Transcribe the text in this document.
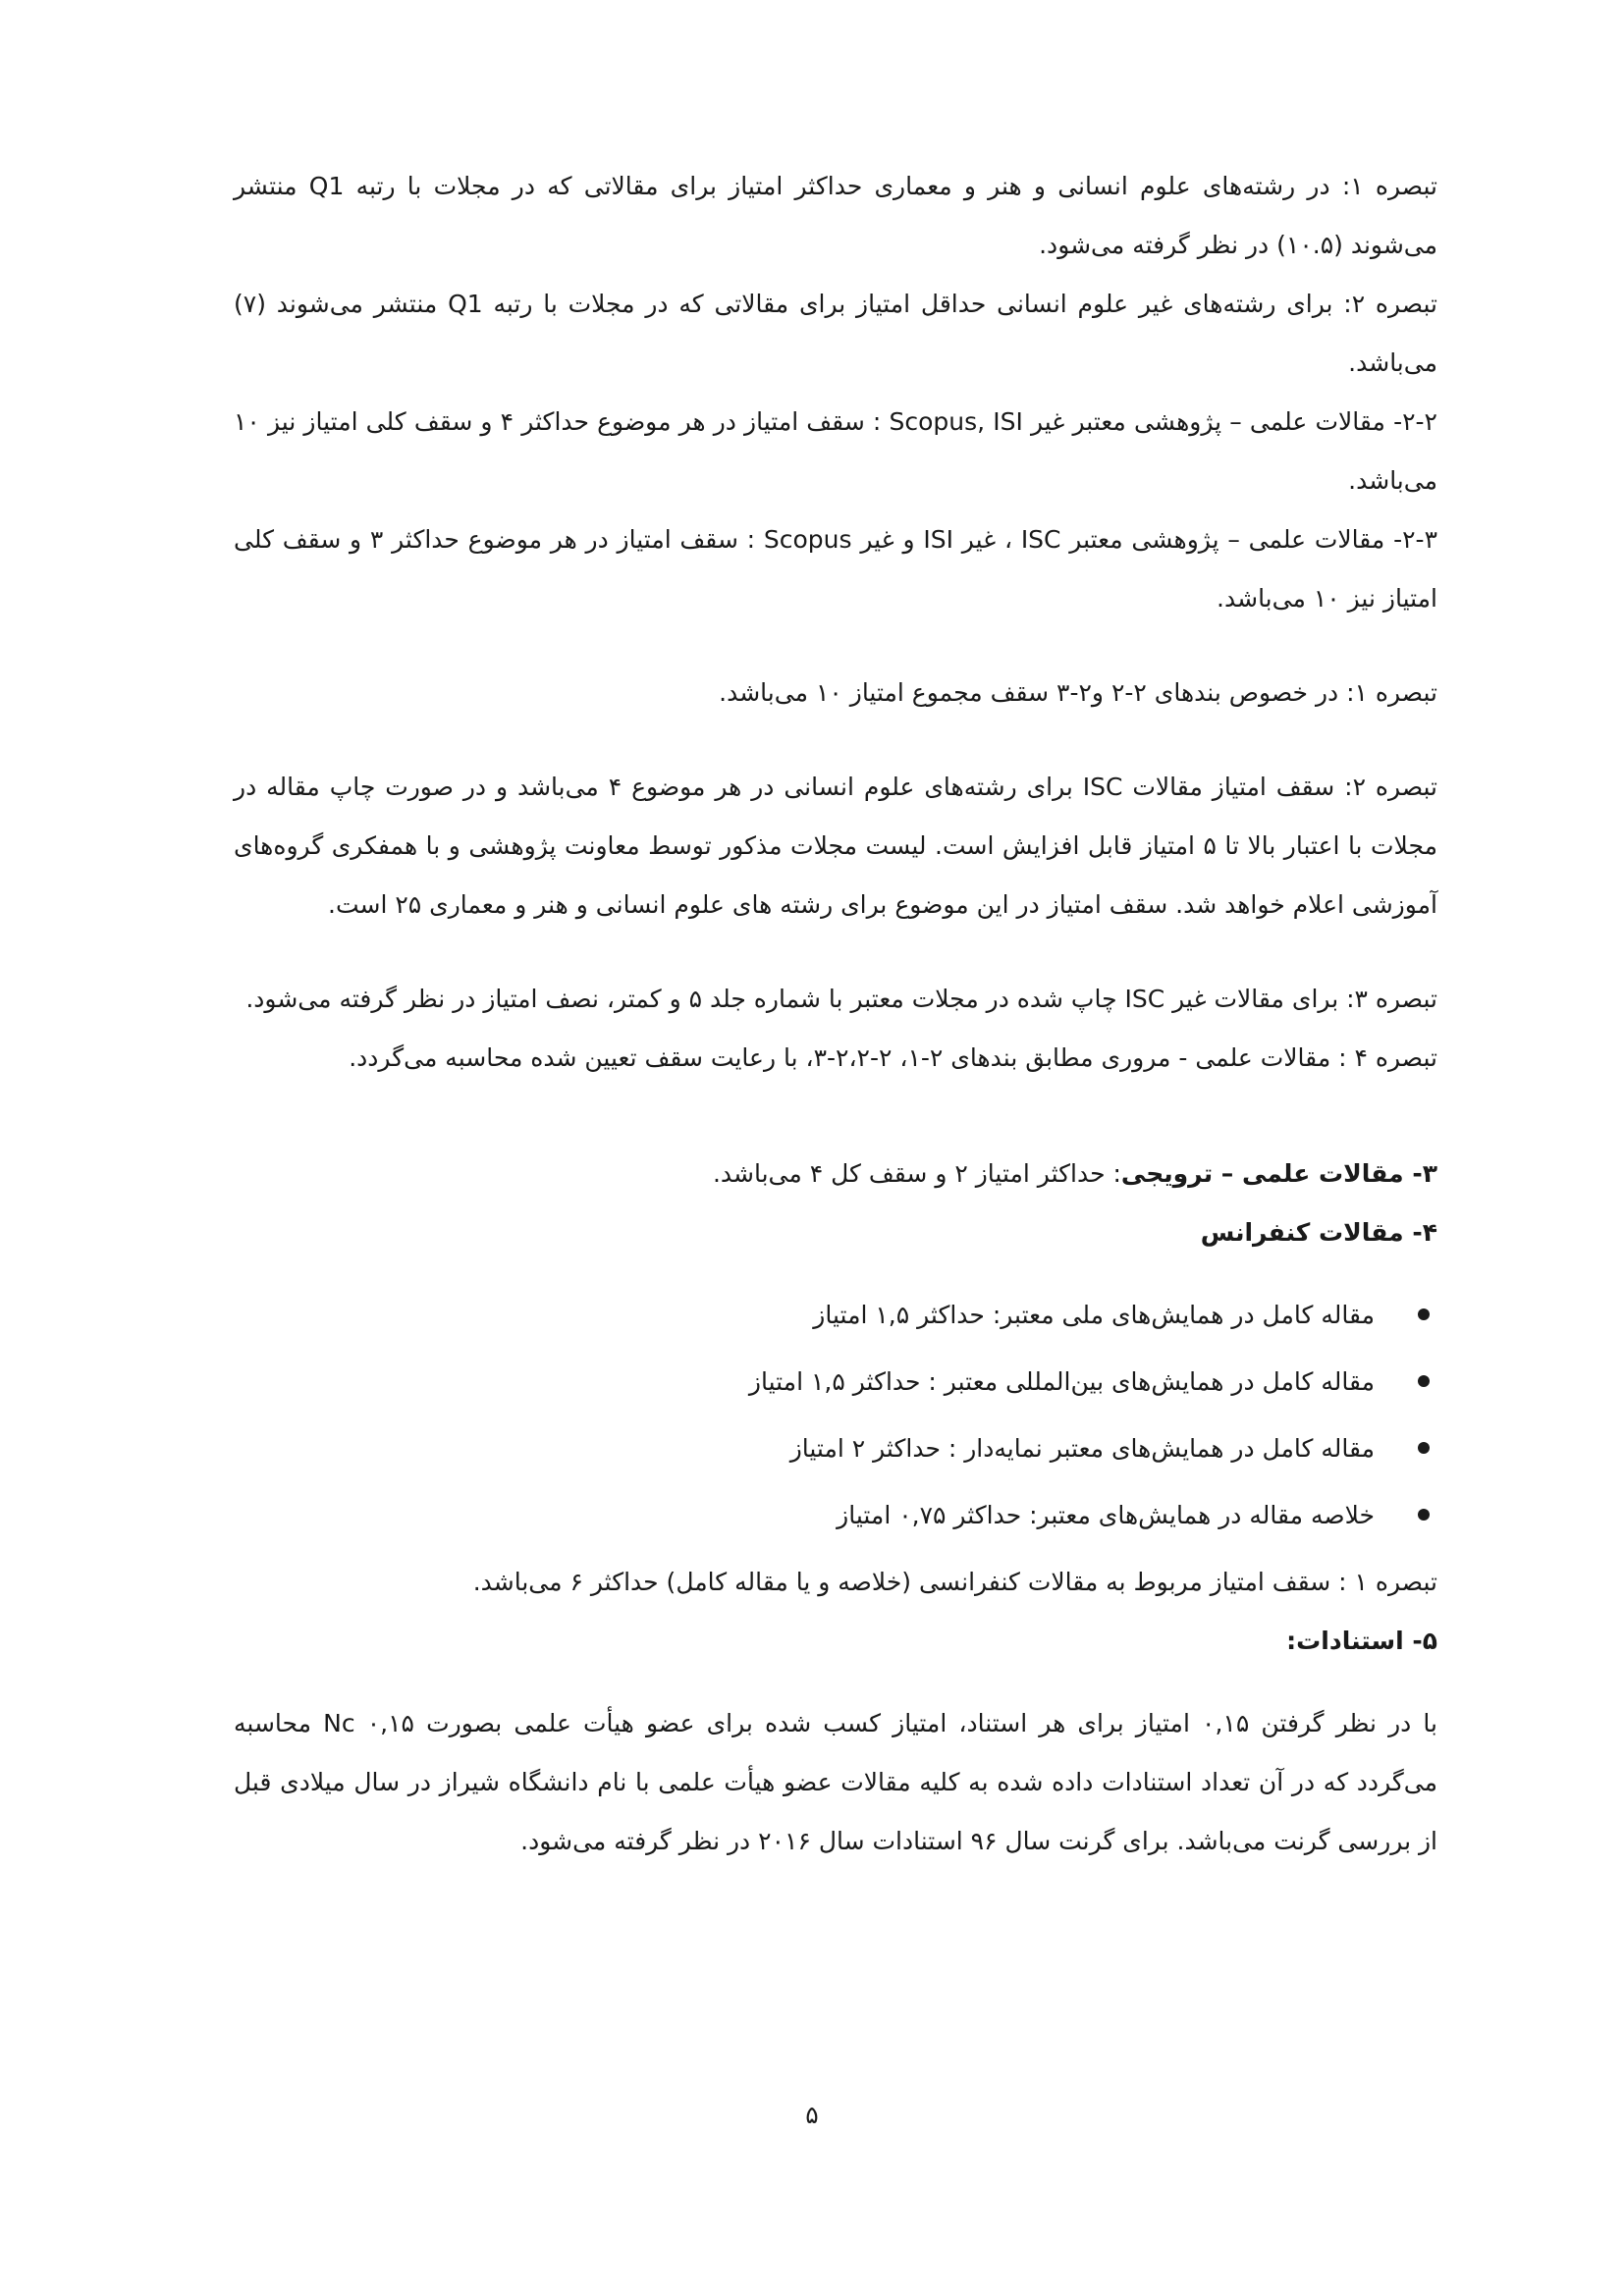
تبصره ۱: در رشته‌های علوم انسانی و هنر و معماری حداکثر امتیاز برای مقالاتی که در مجلات با رتبه Q1 منتشر می‌شوند (۱۰.۵) در نظر گرفته می‌شود.

تبصره ۲: برای رشته‌های غیر علوم انسانی حداقل امتیاز برای مقالاتی که در مجلات با رتبه Q1 منتشر می‌شوند (۷) می‌باشد.

۲-۲- مقالات علمی – پژوهشی معتبر غیر Scopus, ISI : سقف امتیاز در هر موضوع حداکثر ۴ و سقف کلی امتیاز نیز ۱۰ می‌باشد.

۲-۳- مقالات علمی – پژوهشی معتبر ISC ، غیر ISI و غیر Scopus : سقف امتیاز در هر موضوع حداکثر ۳ و سقف کلی امتیاز نیز ۱۰ می‌باشد.

تبصره ۱: در خصوص بندهای ۲-۲ و۲-۳ سقف مجموع امتیاز ۱۰ می‌باشد.

تبصره ۲: سقف امتیاز مقالات ISC برای رشته‌های علوم انسانی در هر موضوع ۴ می‌باشد و در صورت چاپ مقاله در مجلات با اعتبار بالا تا ۵ امتیاز قابل افزایش است. لیست مجلات مذکور توسط معاونت پژوهشی و با همفکری گروه‌های آموزشی اعلام خواهد شد. سقف امتیاز در این موضوع برای رشته های علوم انسانی و هنر و معماری ۲۵ است.

تبصره ۳: برای مقالات غیر ISC چاپ شده در مجلات معتبر با شماره جلد ۵ و کمتر، نصف امتیاز در نظر گرفته می‌شود.

تبصره ۴ : مقالات علمی - مروری مطابق بندهای ۲-۱، ۲-۲،۲-۳، با رعایت سقف تعیین شده محاسبه می‌گردد.

۳- مقالات علمی – ترویجی: حداکثر امتیاز ۲ و سقف کل ۴ می‌باشد.

۴- مقالات کنفرانس

مقاله کامل در همایش‌های ملی معتبر: حداکثر ۱,۵ امتیاز
مقاله کامل در همایش‌های بین‌المللی معتبر : حداکثر ۱,۵ امتیاز
مقاله کامل در همایش‌های معتبر نمایه‌دار : حداکثر ۲ امتیاز
خلاصه مقاله در همایش‌های معتبر: حداکثر ۰,۷۵ امتیاز

تبصره ۱ : سقف امتیاز مربوط به مقالات کنفرانسی (خلاصه و یا مقاله کامل) حداکثر ۶ می‌باشد.

۵- استنادات:

با در نظر گرفتن ۰,۱۵ امتیاز برای هر استناد، امتیاز کسب شده برای عضو هیأت علمی بصورت ۰,۱۵ Nc محاسبه می‌گردد که در آن تعداد استنادات داده شده به کلیه مقالات عضو هیأت علمی با نام دانشگاه شیراز در سال میلادی قبل از بررسی گرنت می‌باشد. برای گرنت سال ۹۶ استنادات سال ۲۰۱۶ در نظر گرفته می‌شود.

۵
